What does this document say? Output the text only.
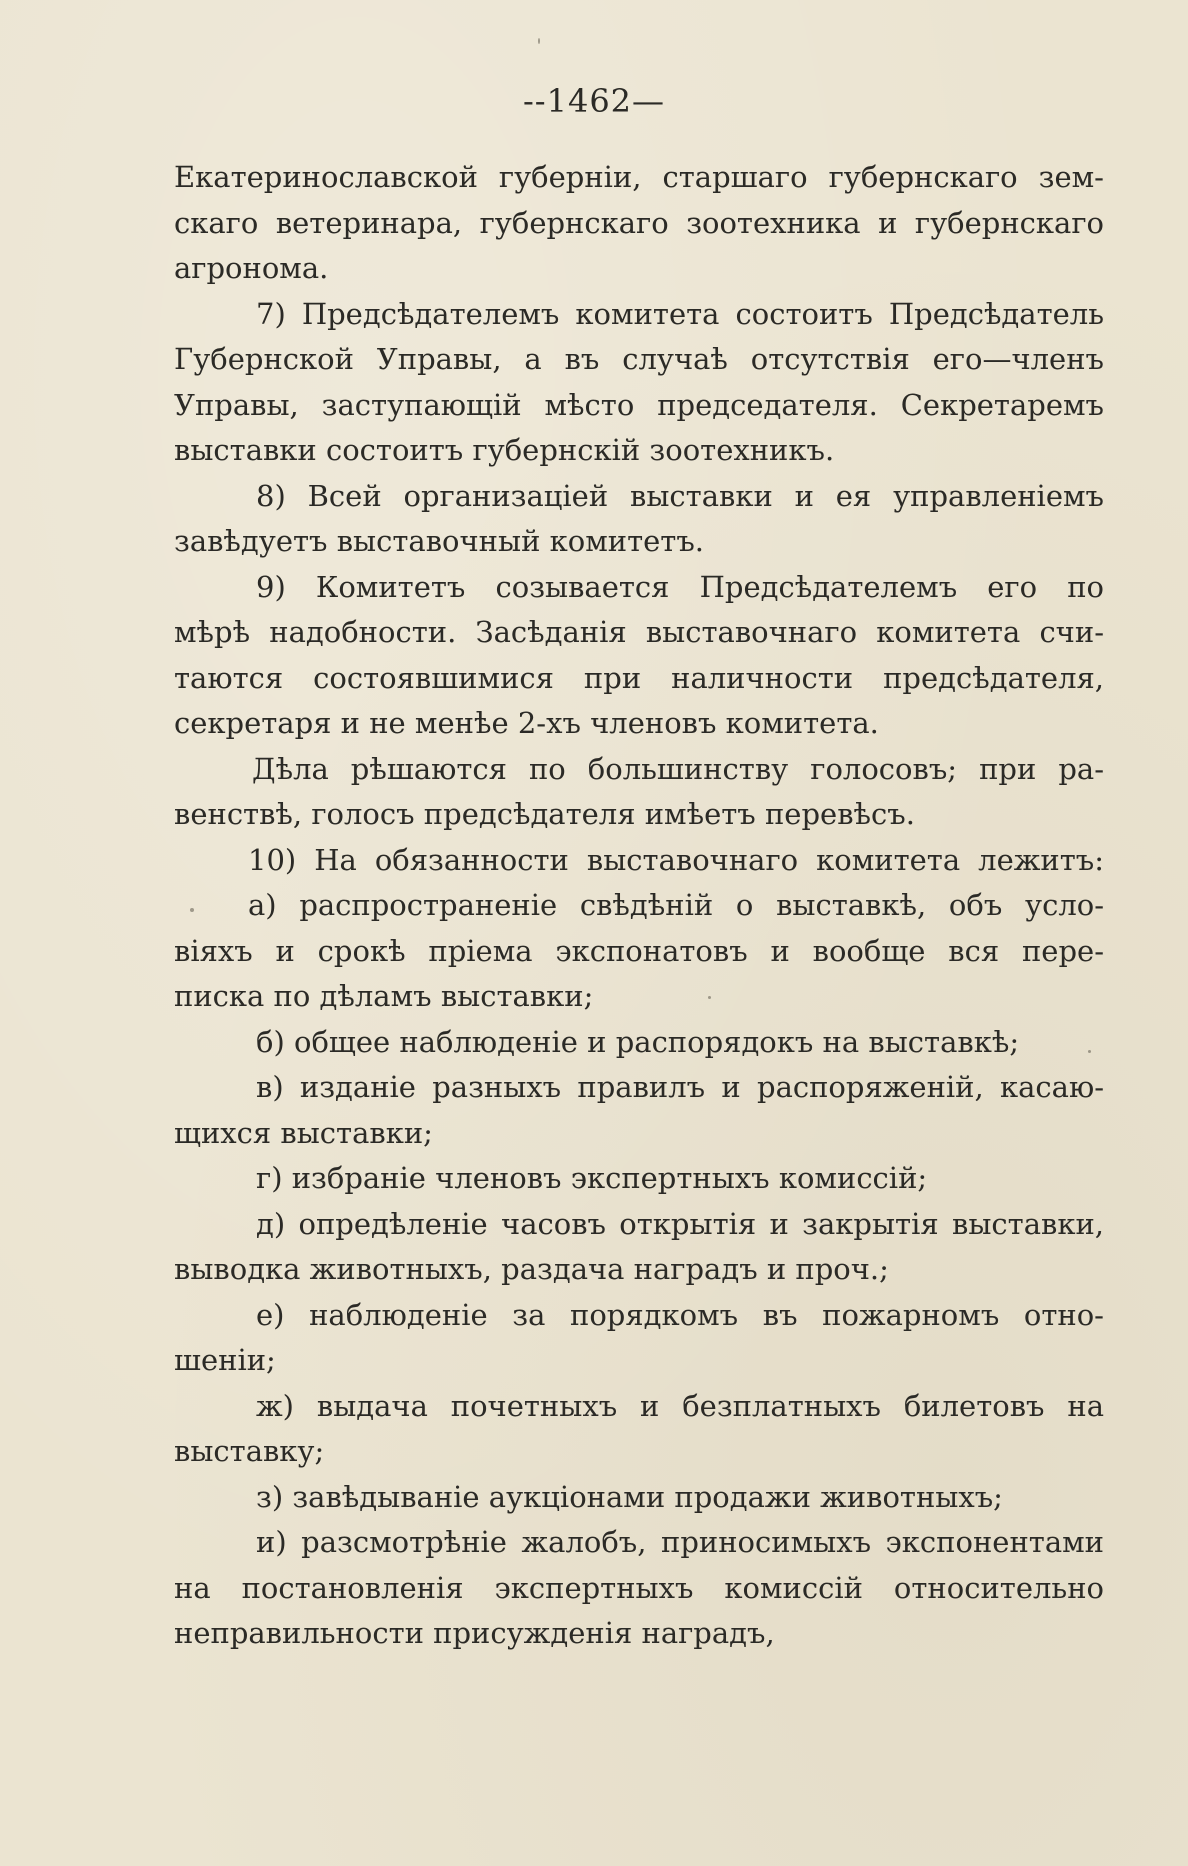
--1462—
Екатеринославской губерніи, старшаго губернскаго зем-
скаго ветеринара, губернскаго зоотехника и губернскаго
агронома.
7) Предсѣдателемъ комитета состоитъ Предсѣдатель
Губернской Управы, а въ случаѣ отсутствія его—членъ
Управы, заступающій мѣсто председателя. Секретаремъ
выставки состоитъ губернскій зоотехникъ.
8) Всей организаціей выставки и ея управленіемъ
завѣдуетъ выставочный комитетъ.
9) Комитетъ созывается Предсѣдателемъ его по
мѣрѣ надобности. Засѣданія выставочнаго комитета счи-
таются состоявшимися при наличности предсѣдателя,
секретаря и не менѣе 2-хъ членовъ комитета.
Дѣла рѣшаются по большинству голосовъ; при ра-
венствѣ, голосъ предсѣдателя имѣетъ перевѣсъ.
10) На обязанности выставочнаго комитета лежитъ:
а) распространеніе свѣдѣній о выставкѣ, объ усло-
віяхъ и срокѣ пріема экспонатовъ и вообще вся пере-
писка по дѣламъ выставки;
б) общее наблюденіе и распорядокъ на выставкѣ;
в) изданіе разныхъ правилъ и распоряженій, касаю-
щихся выставки;
г) избраніе членовъ экспертныхъ комиссій;
д) опредѣленіе часовъ открытія и закрытія выставки,
выводка животныхъ, раздача наградъ и проч.;
е) наблюденіе за порядкомъ въ пожарномъ отно-
шеніи;
ж) выдача почетныхъ и безплатныхъ билетовъ на
выставку;
з) завѣдываніе аукціонами продажи животныхъ;
и) разсмотрѣніе жалобъ, приносимыхъ экспонентами
на постановленія экспертныхъ комиссій относительно
неправильности присужденія наградъ,
